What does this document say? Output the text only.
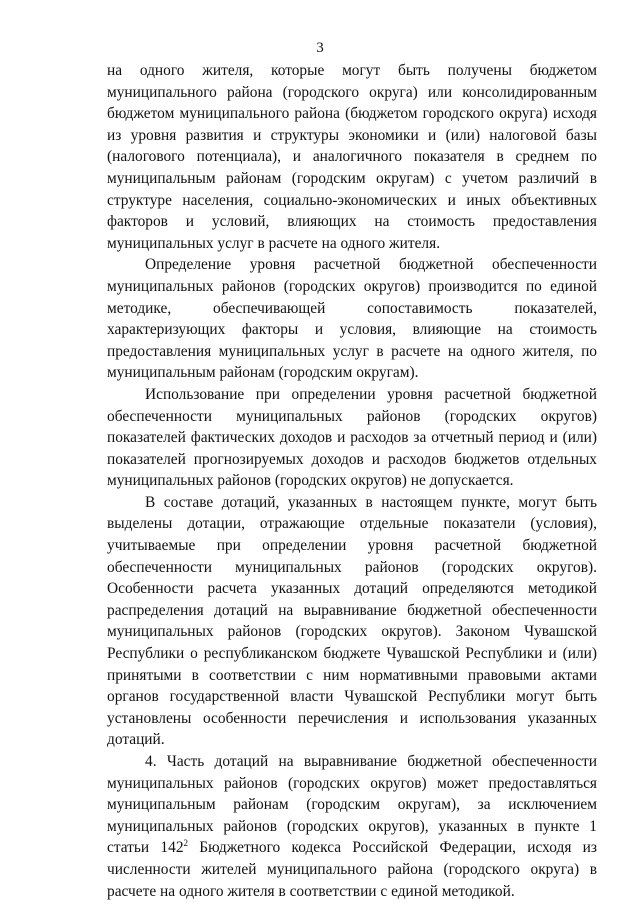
3

на одного жителя, которые могут быть получены бюджетом муниципального района (городского округа) или консолидированным бюджетом муниципального района (бюджетом городского округа) исходя из уровня развития и структуры экономики и (или) налоговой базы (налогового потенциала), и аналогичного показателя в среднем по муниципальным районам (городским округам) с учетом различий в структуре населения, социально-экономических и иных объективных факторов и условий, влияющих на стоимость предоставления муниципальных услуг в расчете на одного жителя.

Определение уровня расчетной бюджетной обеспеченности муниципальных районов (городских округов) производится по единой методике, обеспечивающей сопоставимость показателей, характеризующих факторы и условия, влияющие на стоимость предоставления муниципальных услуг в расчете на одного жителя, по муниципальным районам (городским округам).

Использование при определении уровня расчетной бюджетной обеспеченности муниципальных районов (городских округов) показателей фактических доходов и расходов за отчетный период и (или) показателей прогнозируемых доходов и расходов бюджетов отдельных муниципальных районов (городских округов) не допускается.

В составе дотаций, указанных в настоящем пункте, могут быть выделены дотации, отражающие отдельные показатели (условия), учитываемые при определении уровня расчетной бюджетной обеспеченности муниципальных районов (городских округов). Особенности расчета указанных дотаций определяются методикой распределения дотаций на выравнивание бюджетной обеспеченности муниципальных районов (городских округов). Законом Чувашской Республики о республиканском бюджете Чувашской Республики и (или) принятыми в соответствии с ним нормативными правовыми актами органов государственной власти Чувашской Республики могут быть установлены особенности перечисления и использования указанных дотаций.

4. Часть дотаций на выравнивание бюджетной обеспеченности муниципальных районов (городских округов) может предоставляться муниципальным районам (городским округам), за исключением муниципальных районов (городских округов), указанных в пункте 1 статьи $142^2$ Бюджетного кодекса Российской Федерации, исходя из численности жителей муниципального района (городского округа) в расчете на одного жителя в соответствии с единой методикой.
